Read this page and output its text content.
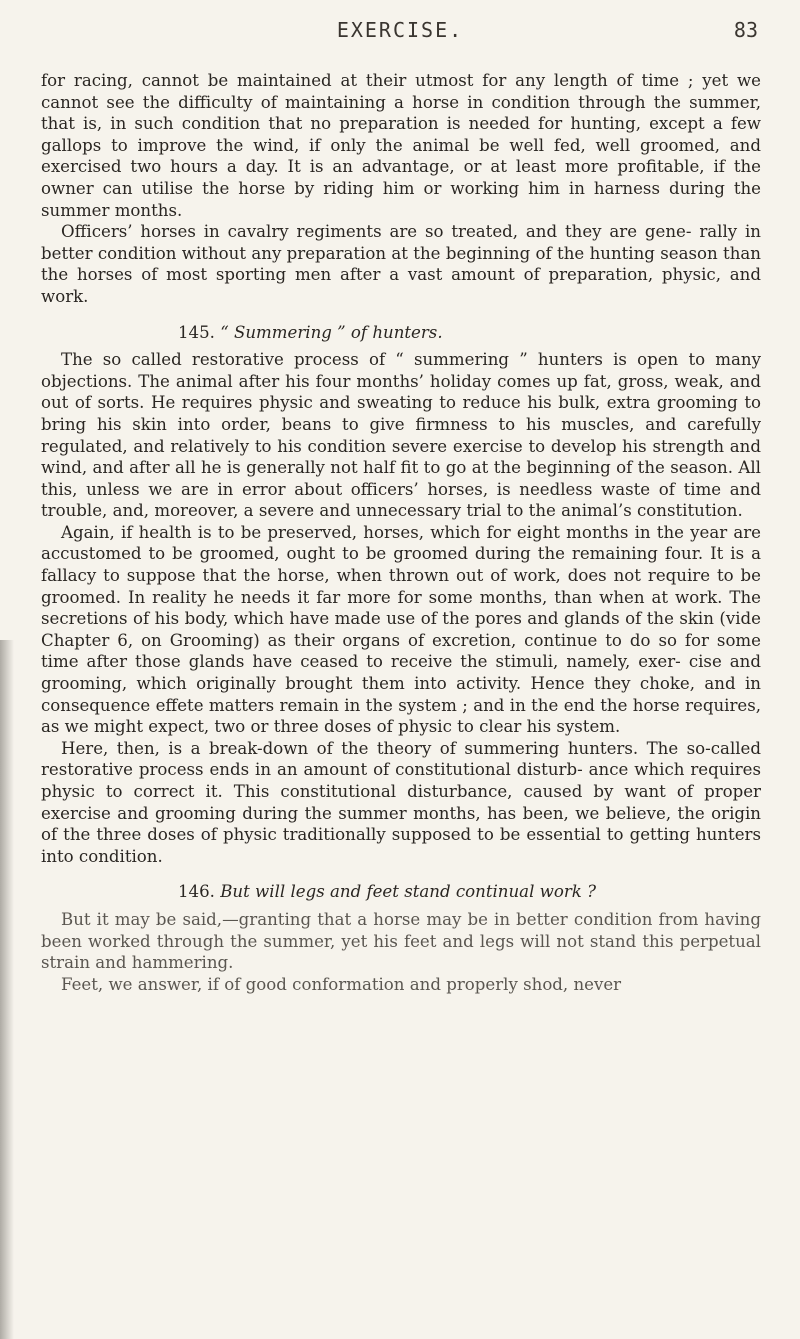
EXERCISE.	83

for racing, cannot be maintained at their utmost for any length of time ; yet we cannot see the difficulty of maintaining a horse in condition through the summer, that is, in such condition that no preparation is needed for hunting, except a few gallops to improve the wind, if only the animal be well fed, well groomed, and exercised two hours a day. It is an advantage, or at least more profitable, if the owner can utilise the horse by riding him or working him in harness during the summer months.

Officers’ horses in cavalry regiments are so treated, and they are gene- rally in better condition without any preparation at the beginning of the hunting season than the horses of most sporting men after a vast amount of preparation, physic, and work.

145. “ Summering ” of hunters.

The so called restorative process of “ summering ” hunters is open to many objections. The animal after his four months’ holiday comes up fat, gross, weak, and out of sorts. He requires physic and sweating to reduce his bulk, extra grooming to bring his skin into order, beans to give firmness to his muscles, and carefully regulated, and relatively to his condition severe exercise to develop his strength and wind, and after all he is generally not half fit to go at the beginning of the season. All this, unless we are in error about officers’ horses, is needless waste of time and trouble, and, moreover, a severe and unnecessary trial to the animal’s constitution.

Again, if health is to be preserved, horses, which for eight months in the year are accustomed to be groomed, ought to be groomed during the remaining four. It is a fallacy to suppose that the horse, when thrown out of work, does not require to be groomed. In reality he needs it far more for some months, than when at work. The secretions of his body, which have made use of the pores and glands of the skin (vide Chapter 6, on Grooming) as their organs of excretion, continue to do so for some time after those glands have ceased to receive the stimuli, namely, exer- cise and grooming, which originally brought them into activity. Hence they choke, and in consequence effete matters remain in the system ; and in the end the horse requires, as we might expect, two or three doses of physic to clear his system.

Here, then, is a break-down of the theory of summering hunters. The so-called restorative process ends in an amount of constitutional disturb- ance which requires physic to correct it. This constitutional disturbance, caused by want of proper exercise and grooming during the summer months, has been, we believe, the origin of the three doses of physic traditionally supposed to be essential to getting hunters into condition.

146. But will legs and feet stand continual work ?

But it may be said,—granting that a horse may be in better condition from having been worked through the summer, yet his feet and legs will not stand this perpetual strain and hammering.

Feet, we answer, if of good conformation and properly shod, never
